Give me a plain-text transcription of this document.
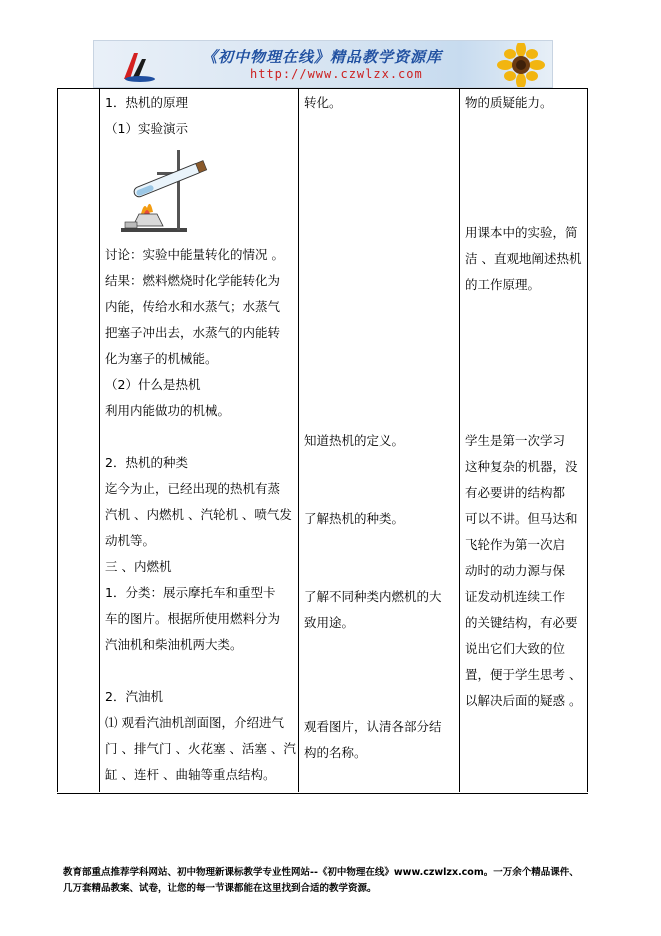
《初中物理在线》精品教学资源库
http://www.czwlzx.com

1．热机的原理

（1）实验演示

讨论：实验中能量转化的情况 。

结果：燃料燃烧时化学能转化为

内能，传给水和水蒸气；水蒸气

把塞子冲出去，水蒸气的内能转

化为塞子的机械能。

（2）什么是热机

利用内能做功的机械。

2．热机的种类

迄今为止，已经出现的热机有蒸

汽机 、内燃机 、汽轮机 、喷气发

动机等。

三 、内燃机

1．分类：展示摩托车和重型卡

车的图片。根据所使用燃料分为

汽油机和柴油机两大类。

2．汽油机

⑴ 观看汽油机剖面图，介绍进气

门 、排气门 、火花塞 、活塞 、汽

缸 、连杆 、曲轴等重点结构。

转化。

知道热机的定义。

了解热机的种类。

了解不同种类内燃机的大

致用途。

观看图片，认清各部分结

构的名称。

物的质疑能力。

用课本中的实验，简

洁 、直观地阐述热机

的工作原理。

学生是第一次学习

这种复杂的机器，没

有必要讲的结构都

可以不讲。但马达和

飞轮作为第一次启

动时的动力源与保

证发动机连续工作

的关键结构，有必要

说出它们大致的位

置，便于学生思考 、

以解决后面的疑惑 。

教育部重点推荐学科网站、初中物理新课标教学专业性网站--《初中物理在线》www.czwlzx.com。一万余个精品课件、

几万套精品教案、试卷，让您的每一节课都能在这里找到合适的教学资源。
